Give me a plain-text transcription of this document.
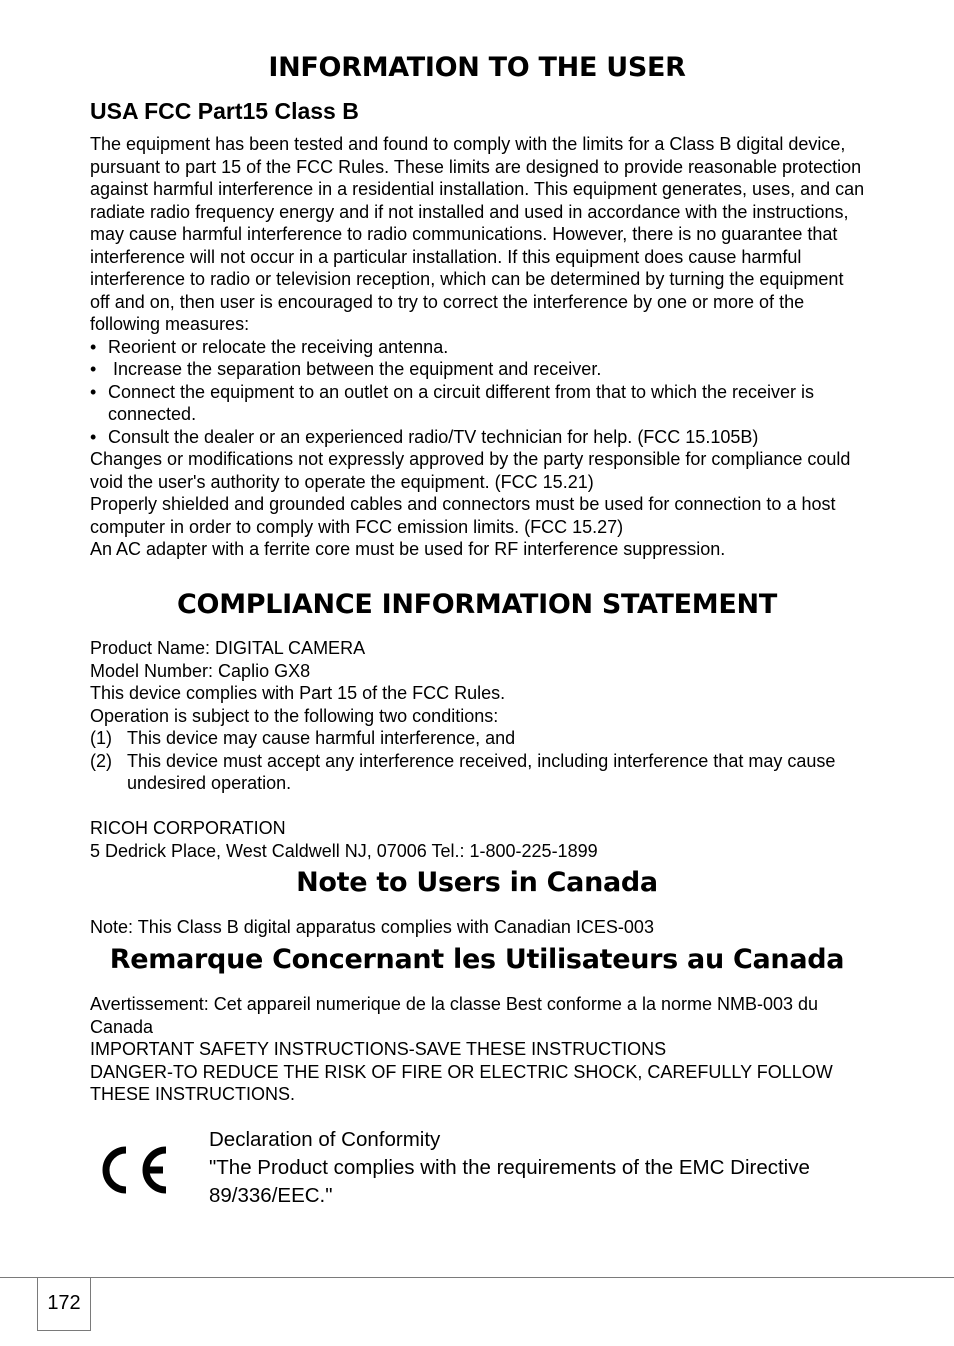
INFORMATION TO THE USER
USA FCC Part15 Class B

The equipment has been tested and found to comply with the limits for a Class B digital device, pursuant to part 15 of the FCC Rules. These limits are designed to provide reasonable protection against harmful interference in a residential installation. This equipment generates, uses, and can radiate radio frequency energy and if not installed and used in accordance with the instructions, may cause harmful interference to radio communications. However, there is no guarantee that interference will not occur in a particular installation. If this equipment does cause harmful interference to radio or television reception, which can be determined by turning the equipment off and on, then user is encouraged to try to correct the interference by one or more of the following measures:

• Reorient or relocate the receiving antenna.
• Increase the separation between the equipment and receiver.
• Connect the equipment to an outlet on a circuit different from that to which the receiver is connected.
• Consult the dealer or an experienced radio/TV technician for help. (FCC 15.105B)

Changes or modifications not expressly approved by the party responsible for compliance could void the user's authority to operate the equipment. (FCC 15.21)

Properly shielded and grounded cables and connectors must be used for connection to a host computer in order to comply with FCC emission limits. (FCC 15.27)

An AC adapter with a ferrite core must be used for RF interference suppression.

COMPLIANCE INFORMATION STATEMENT

Product Name: DIGITAL CAMERA

Model Number: Caplio GX8

This device complies with Part 15 of the FCC Rules.

Operation is subject to the following two conditions:

(1) This device may cause harmful interference, and
(2) This device must accept any interference received, including interference that may cause undesired operation.

RICOH CORPORATION

5 Dedrick Place, West Caldwell NJ, 07006 Tel.: 1-800-225-1899

Note to Users in Canada
Note: This Class B digital apparatus complies with Canadian ICES-003
Remarque Concernant les Utilisateurs au Canada

Avertissement: Cet appareil numerique de la classe Best conforme a la norme NMB-003 du Canada

IMPORTANT SAFETY INSTRUCTIONS-SAVE THESE INSTRUCTIONS

DANGER-TO REDUCE THE RISK OF FIRE OR ELECTRIC SHOCK, CAREFULLY FOLLOW THESE INSTRUCTIONS.

Declaration of Conformity
"The Product complies with the requirements of the EMC Directive 89/336/EEC."
172
